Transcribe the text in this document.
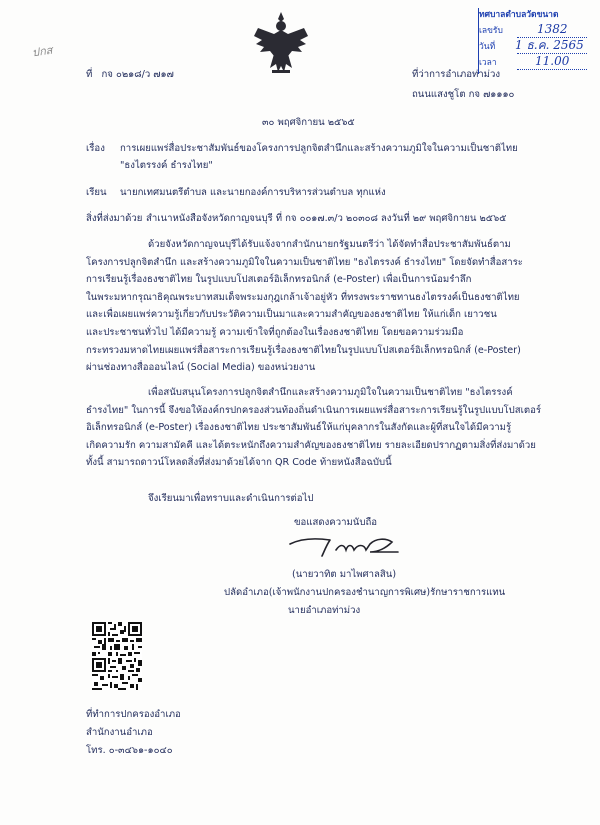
ปกส
ทศบาลตำบลวัดขนาด
เลขรับ	1382
วันที่ 1 ธ.ค. 2565
เวลา	11.00
ที่ กจ ๐๒๑๘/ว ๗๑๗	ที่ว่าการอำเภอท่าม่วง
ถนนแสงชูโต กจ ๗๑๑๑๐
๓๐ พฤศจิกายน ๒๕๖๕
เรื่อง การเผยแพร่สื่อประชาสัมพันธ์ของโครงการปลูกจิตสำนึกและสร้างความภูมิใจในความเป็นชาติไทย
"ธงไตรรงค์ ธำรงไทย"
เรียน นายกเทศมนตรีตำบล และนายกองค์การบริหารส่วนตำบล ทุกแห่ง
สิ่งที่ส่งมาด้วย สำเนาหนังสือจังหวัดกาญจนบุรี ที่ กจ ๐๐๑๗.๓/ว ๒๐๓๐๘ ลงวันที่ ๒๙ พฤศจิกายน ๒๕๖๕
ด้วยจังหวัดกาญจนบุรีได้รับแจ้งจากสำนักนายกรัฐมนตรีว่า ได้จัดทำสื่อประชาสัมพันธ์ตาม
โครงการปลูกจิตสำนึก และสร้างความภูมิใจในความเป็นชาติไทย "ธงไตรรงค์ ธำรงไทย" โดยจัดทำสื่อสาระ
การเรียนรู้เรื่องธงชาติไทย ในรูปแบบโปสเตอร์อิเล็กทรอนิกส์ (e-Poster) เพื่อเป็นการน้อมรำลึก
ในพระมหากรุณาธิคุณพระบาทสมเด็จพระมงกุฎเกล้าเจ้าอยู่หัว ที่ทรงพระราชทานธงไตรรงค์เป็นธงชาติไทย
และเพื่อเผยแพร่ความรู้เกี่ยวกับประวัติความเป็นมาและความสำคัญของธงชาติไทย ให้แก่เด็ก เยาวชน
และประชาชนทั่วไป ได้มีความรู้ ความเข้าใจที่ถูกต้องในเรื่องธงชาติไทย โดยขอความร่วมมือ
กระทรวงมหาดไทยเผยแพร่สื่อสาระการเรียนรู้เรื่องธงชาติไทยในรูปแบบโปสเตอร์อิเล็กทรอนิกส์ (e-Poster)
ผ่านช่องทางสื่อออนไลน์ (Social Media) ของหน่วยงาน
เพื่อสนับสนุนโครงการปลูกจิตสำนึกและสร้างความภูมิใจในความเป็นชาติไทย "ธงไตรรงค์
ธำรงไทย" ในการนี้ จึงขอให้องค์กรปกครองส่วนท้องถิ่นดำเนินการเผยแพร่สื่อสาระการเรียนรู้ในรูปแบบโปสเตอร์
อิเล็กทรอนิกส์ (e-Poster) เรื่องธงชาติไทย ประชาสัมพันธ์ให้แก่บุคลากรในสังกัดและผู้ที่สนใจได้มีความรู้
เกิดความรัก ความสามัคคี และได้ตระหนักถึงความสำคัญของธงชาติไทย รายละเอียดปรากฏตามสิ่งที่ส่งมาด้วย
ทั้งนี้ สามารถดาวน์โหลดสิ่งที่ส่งมาด้วยได้จาก QR Code ท้ายหนังสือฉบับนี้
จึงเรียนมาเพื่อทราบและดำเนินการต่อไป
ขอแสดงความนับถือ
(นายวาทิต มาไพศาลสิน)
ปลัดอำเภอ(เจ้าพนักงานปกครองชำนาญการพิเศษ)รักษาราชการแทน
นายอำเภอท่าม่วง
ที่ทำการปกครองอำเภอ
สำนักงานอำเภอ
โทร. ๐-๓๔๖๑-๑๐๔๐
